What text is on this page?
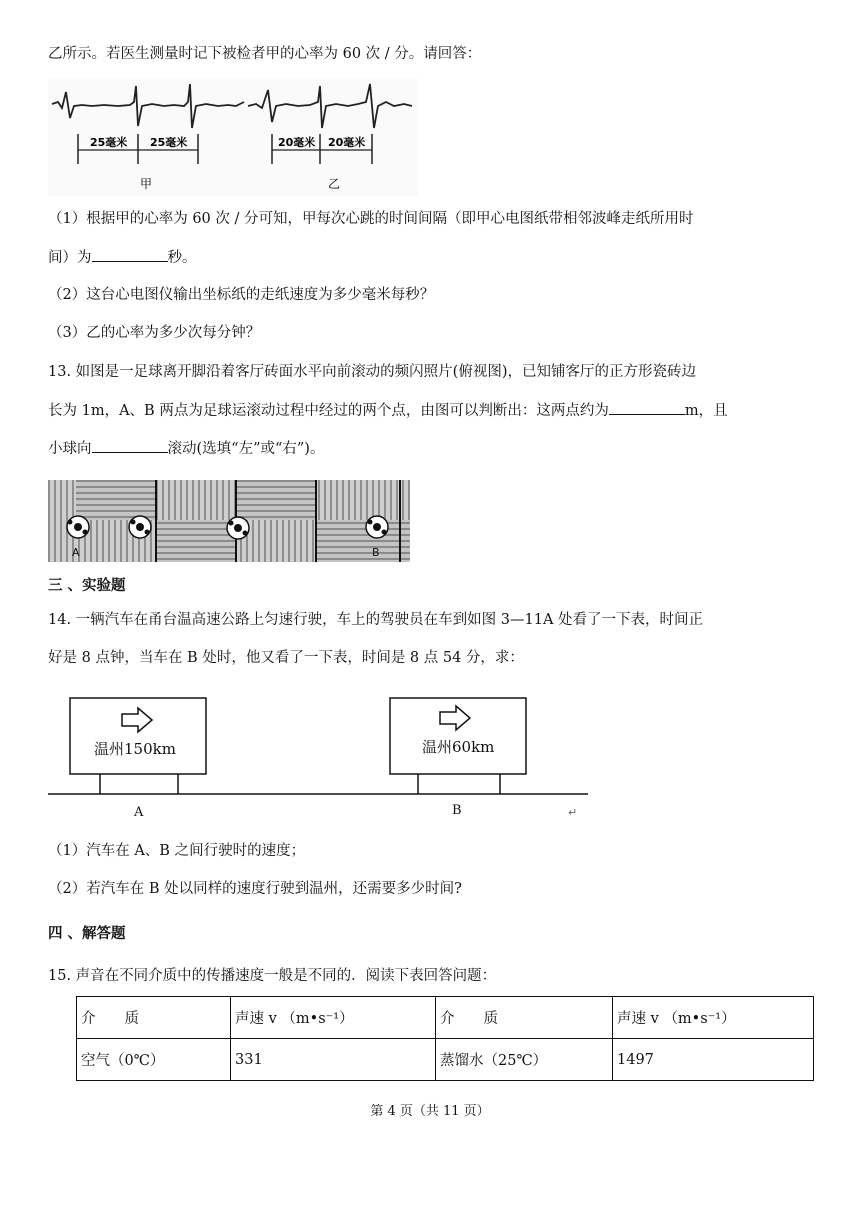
乙所示。若医生测量时记下被检者甲的心率为 60 次 / 分。请回答：
25毫米 25毫米
甲
20毫米 20毫米
乙
（1）根据甲的心率为 60 次 / 分可知，甲每次心跳的时间间隔（即甲心电图纸带相邻波峰走纸所用时
间）为	秒。
（2）这台心电图仪输出坐标纸的走纸速度为多少毫米每秒？
（3）乙的心率为多少次每分钟？
13. 如图是一足球离开脚沿着客厅砖面水平向前滚动的频闪照片(俯视图)，已知铺客厅的正方形瓷砖边
长为 1m，A、B 两点为足球运滚动过程中经过的两个点，由图可以判断出：这两点约为	m，且
小球向	滚动(选填“左”或“右”)。
A	B
三 、实验题
14. 一辆汽车在甬台温高速公路上匀速行驶，车上的驾驶员在车到如图 3—11A 处看了一下表，时间正
好是 8 点钟，当车在 B 处时，他又看了一下表，时间是 8 点 54 分，求：
温州150km	温州60km
A	B	↵
（1）汽车在 A、B 之间行驶时的速度；
（2）若汽车在 B 处以同样的速度行驶到温州，还需要多少时间?
四 、解答题
15. 声音在不同介质中的传播速度一般是不同的．阅读下表回答问题：
介　　质	声速 v （m•s⁻¹）	介　　质	声速 v （m•s⁻¹）
空气（0℃）	331	蒸馏水（25℃）	1497
第 4 页（共 11 页）
